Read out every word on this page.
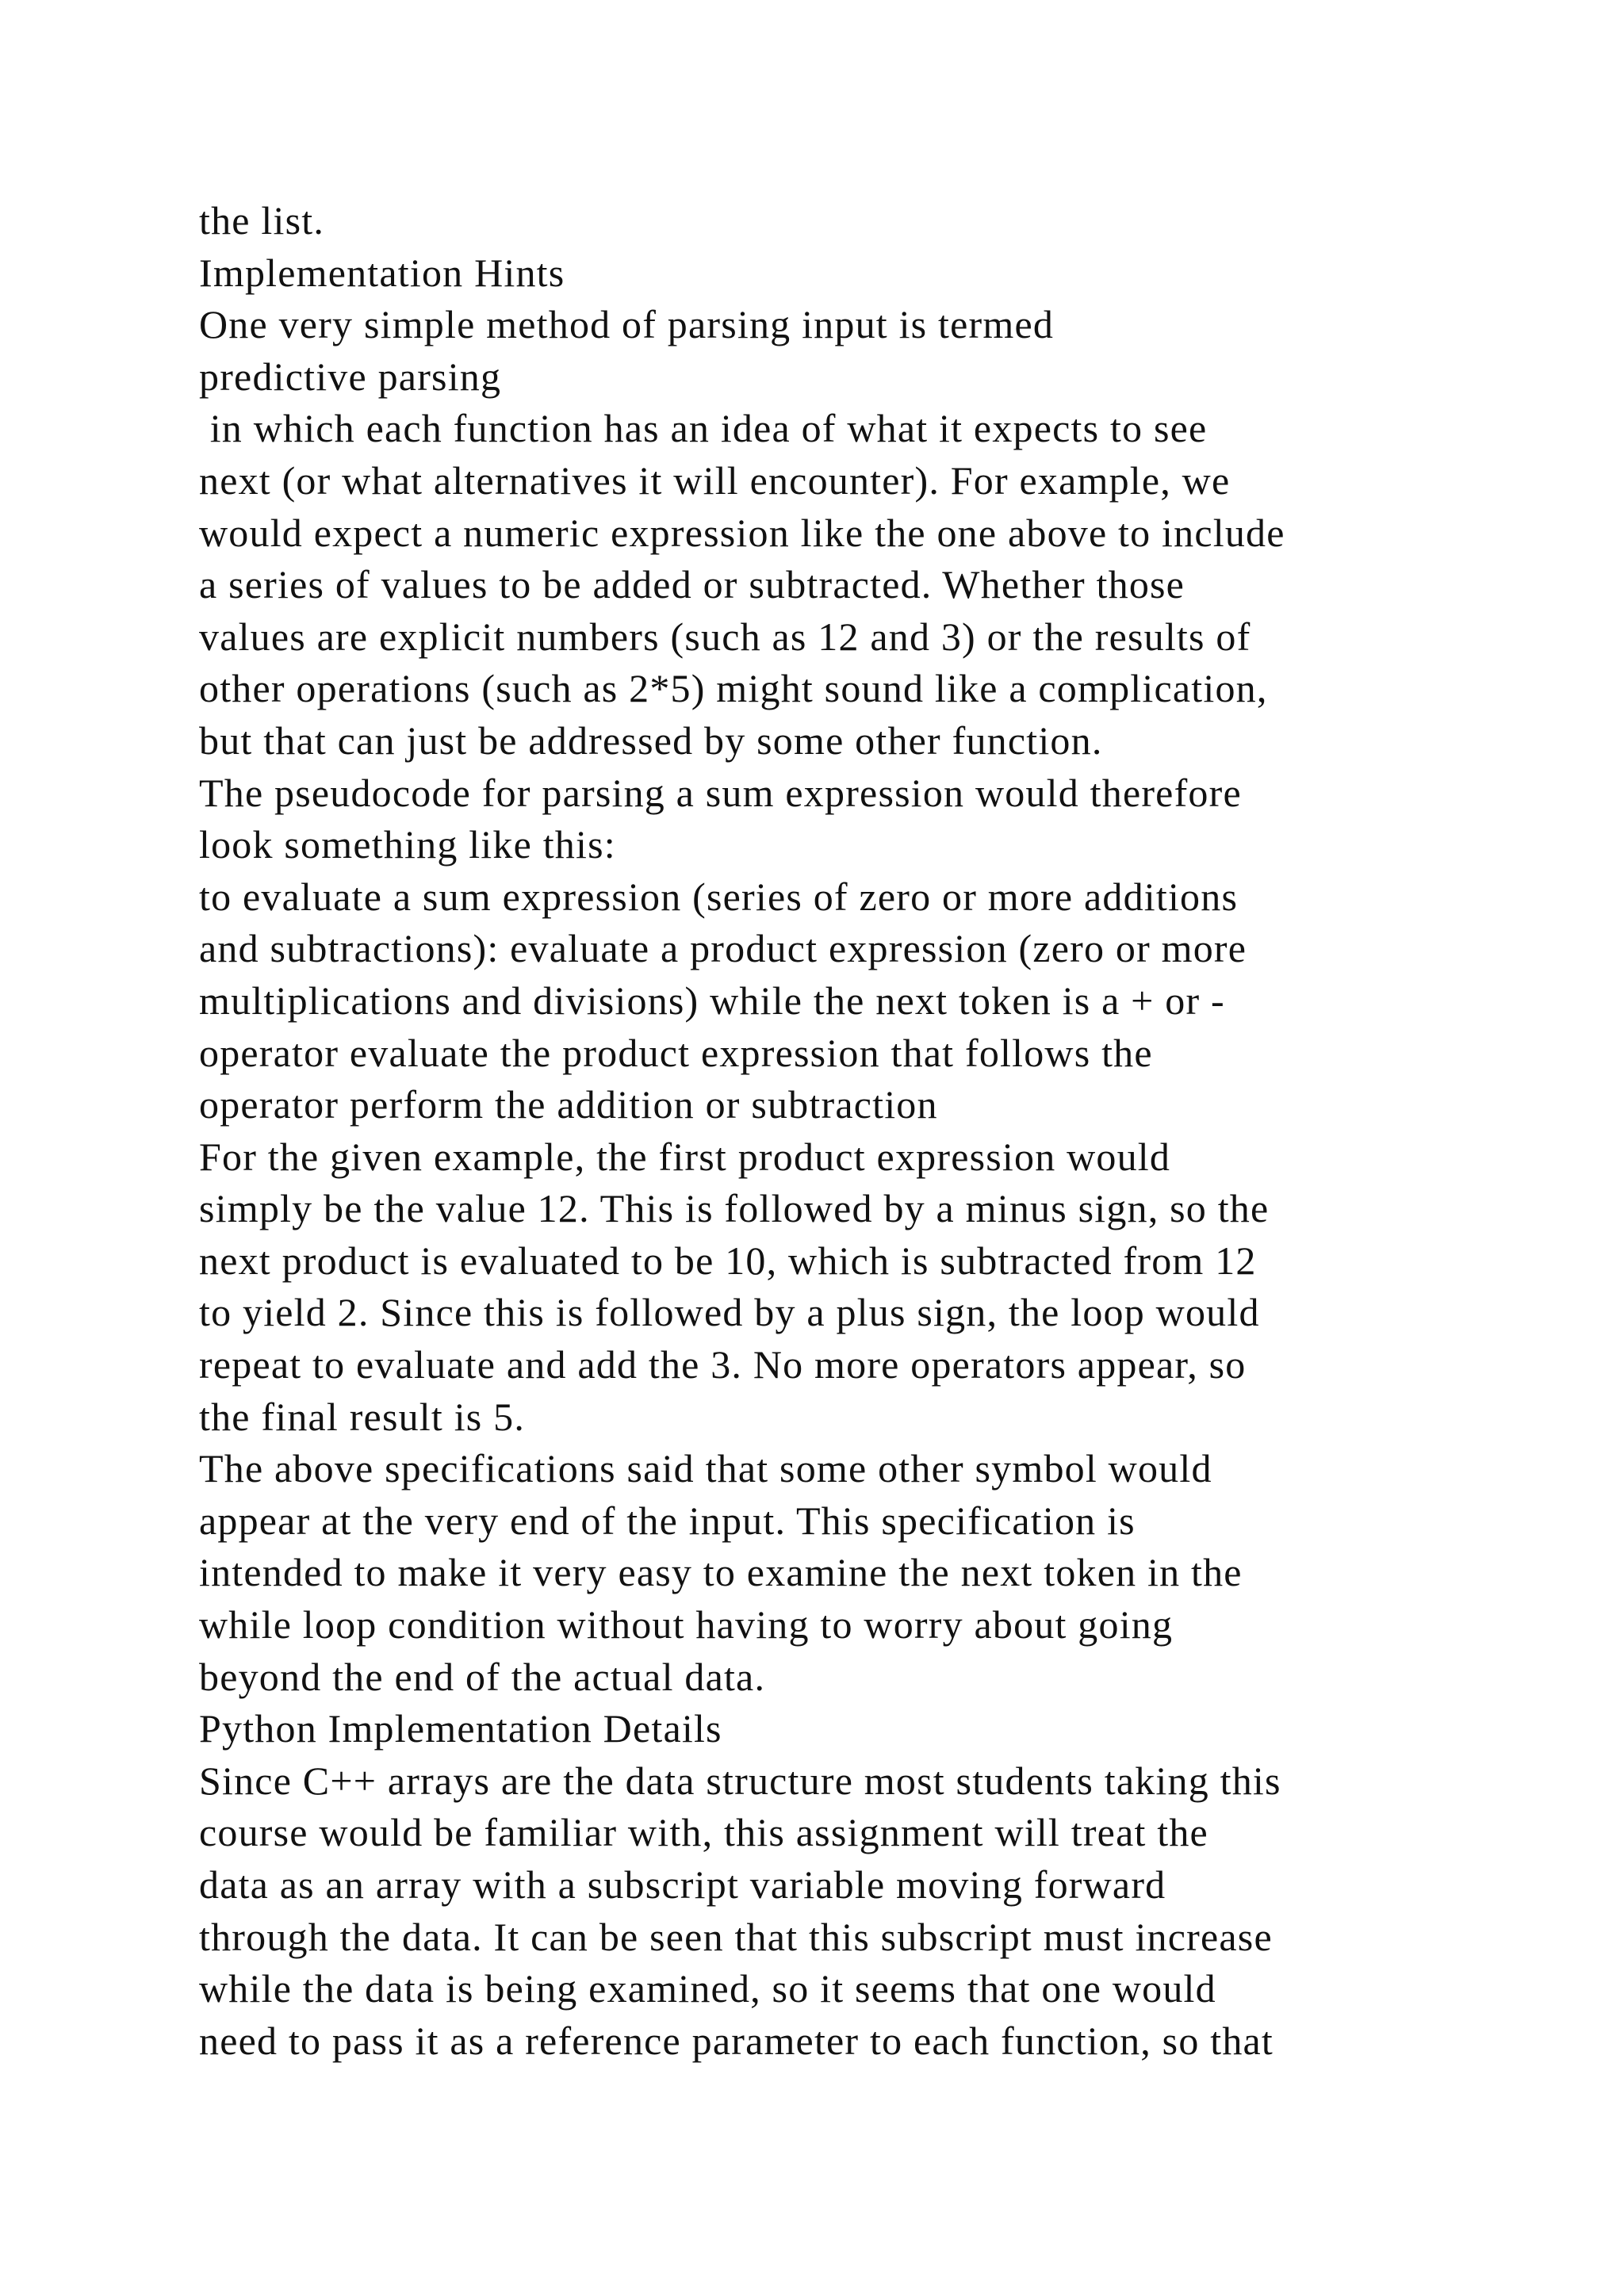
the list.
Implementation Hints
One very simple method of parsing input is termed
predictive parsing
in which each function has an idea of what it expects to see
next (or what alternatives it will encounter). For example, we
would expect a numeric expression like the one above to include
a series of values to be added or subtracted. Whether those
values are explicit numbers (such as 12 and 3) or the results of
other operations (such as 2*5) might sound like a complication,
but that can just be addressed by some other function.
The pseudocode for parsing a sum expression would therefore
look something like this:
to evaluate a sum expression (series of zero or more additions
and subtractions): evaluate a product expression (zero or more
multiplications and divisions) while the next token is a + or -
operator evaluate the product expression that follows the
operator perform the addition or subtraction
For the given example, the first product expression would
simply be the value 12. This is followed by a minus sign, so the
next product is evaluated to be 10, which is subtracted from 12
to yield 2. Since this is followed by a plus sign, the loop would
repeat to evaluate and add the 3. No more operators appear, so
the final result is 5.
The above specifications said that some other symbol would
appear at the very end of the input. This specification is
intended to make it very easy to examine the next token in the
while loop condition without having to worry about going
beyond the end of the actual data.
Python Implementation Details
Since C++ arrays are the data structure most students taking this
course would be familiar with, this assignment will treat the
data as an array with a subscript variable moving forward
through the data. It can be seen that this subscript must increase
while the data is being examined, so it seems that one would
need to pass it as a reference parameter to each function, so that
